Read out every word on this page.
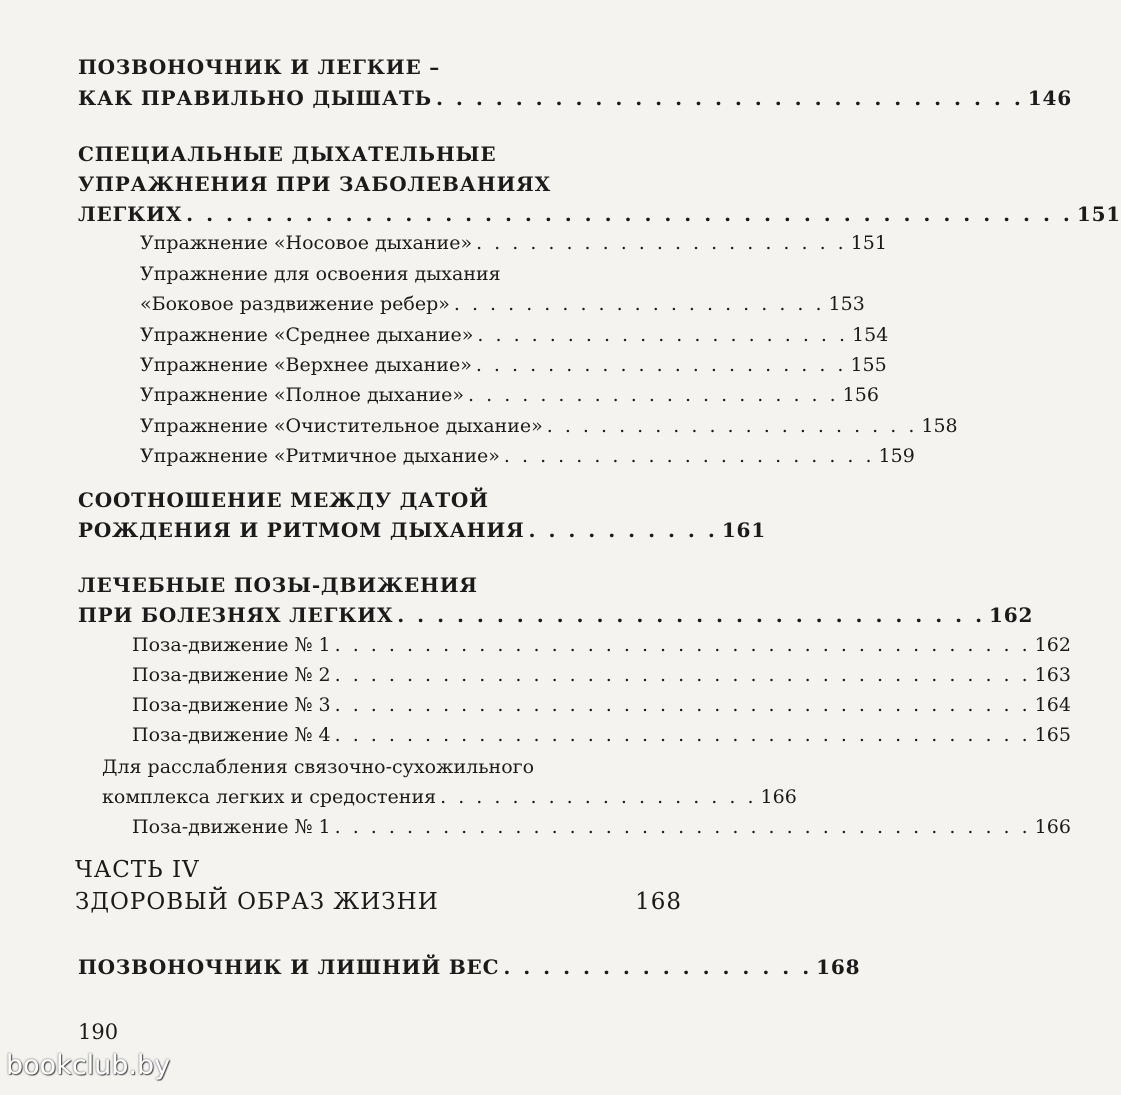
ПОЗВОНОЧНИК И ЛЕГКИЕ –
КАК ПРАВИЛЬНО ДЫШАТЬ . . . . . . . . . . . . . . . . . . . . . . . . . . . . . . 146
СПЕЦИАЛЬНЫЕ ДЫХАТЕЛЬНЫЕ
УПРАЖНЕНИЯ ПРИ ЗАБОЛЕВАНИЯХ
ЛЕГКИХ . . . . . . . . . . . . . . . . . . . . . . . . . . . . . . . . . . . . . . . . . . . . . 151
Упражнение «Носовое дыхание» . . . . . . . . . . . . . . . . . . . . . 151
Упражнение для освоения дыхания
«Боковое раздвижение ребер» . . . . . . . . . . . . . . . . . . . . . 153
Упражнение «Среднее дыхание» . . . . . . . . . . . . . . . . . . . . . 154
Упражнение «Верхнее дыхание» . . . . . . . . . . . . . . . . . . . . . 155
Упражнение «Полное дыхание» . . . . . . . . . . . . . . . . . . . . . 156
Упражнение «Очистительное дыхание» . . . . . . . . . . . . . . . . . . . . . 158
Упражнение «Ритмичное дыхание» . . . . . . . . . . . . . . . . . . . . . 159
СООТНОШЕНИЕ МЕЖДУ ДАТОЙ
РОЖДЕНИЯ И РИТМОМ ДЫХАНИЯ . . . . . . . . . . 161
ЛЕЧЕБНЫЕ ПОЗЫ-ДВИЖЕНИЯ
ПРИ БОЛЕЗНЯХ ЛЕГКИХ . . . . . . . . . . . . . . . . . . . . . . . . . . . . . . 162
Поза-движение № 1 . . . . . . . . . . . . . . . . . . . . . . . . . . . . . . . . . . . . . . . 162
Поза-движение № 2 . . . . . . . . . . . . . . . . . . . . . . . . . . . . . . . . . . . . . . . 163
Поза-движение № 3 . . . . . . . . . . . . . . . . . . . . . . . . . . . . . . . . . . . . . . . 164
Поза-движение № 4 . . . . . . . . . . . . . . . . . . . . . . . . . . . . . . . . . . . . . . . 165
Для расслабления связочно-сухожильного
комплекса легких и средостения . . . . . . . . . . . . . . . . . . 166
Поза-движение № 1 . . . . . . . . . . . . . . . . . . . . . . . . . . . . . . . . . . . . . . . 166
ЧАСТЬ IV
ЗДОРОВЫЙ ОБРАЗ ЖИЗНИ	168
ПОЗВОНОЧНИК И ЛИШНИЙ ВЕС . . . . . . . . . . . . . . . . 168
190
bookclub.by
